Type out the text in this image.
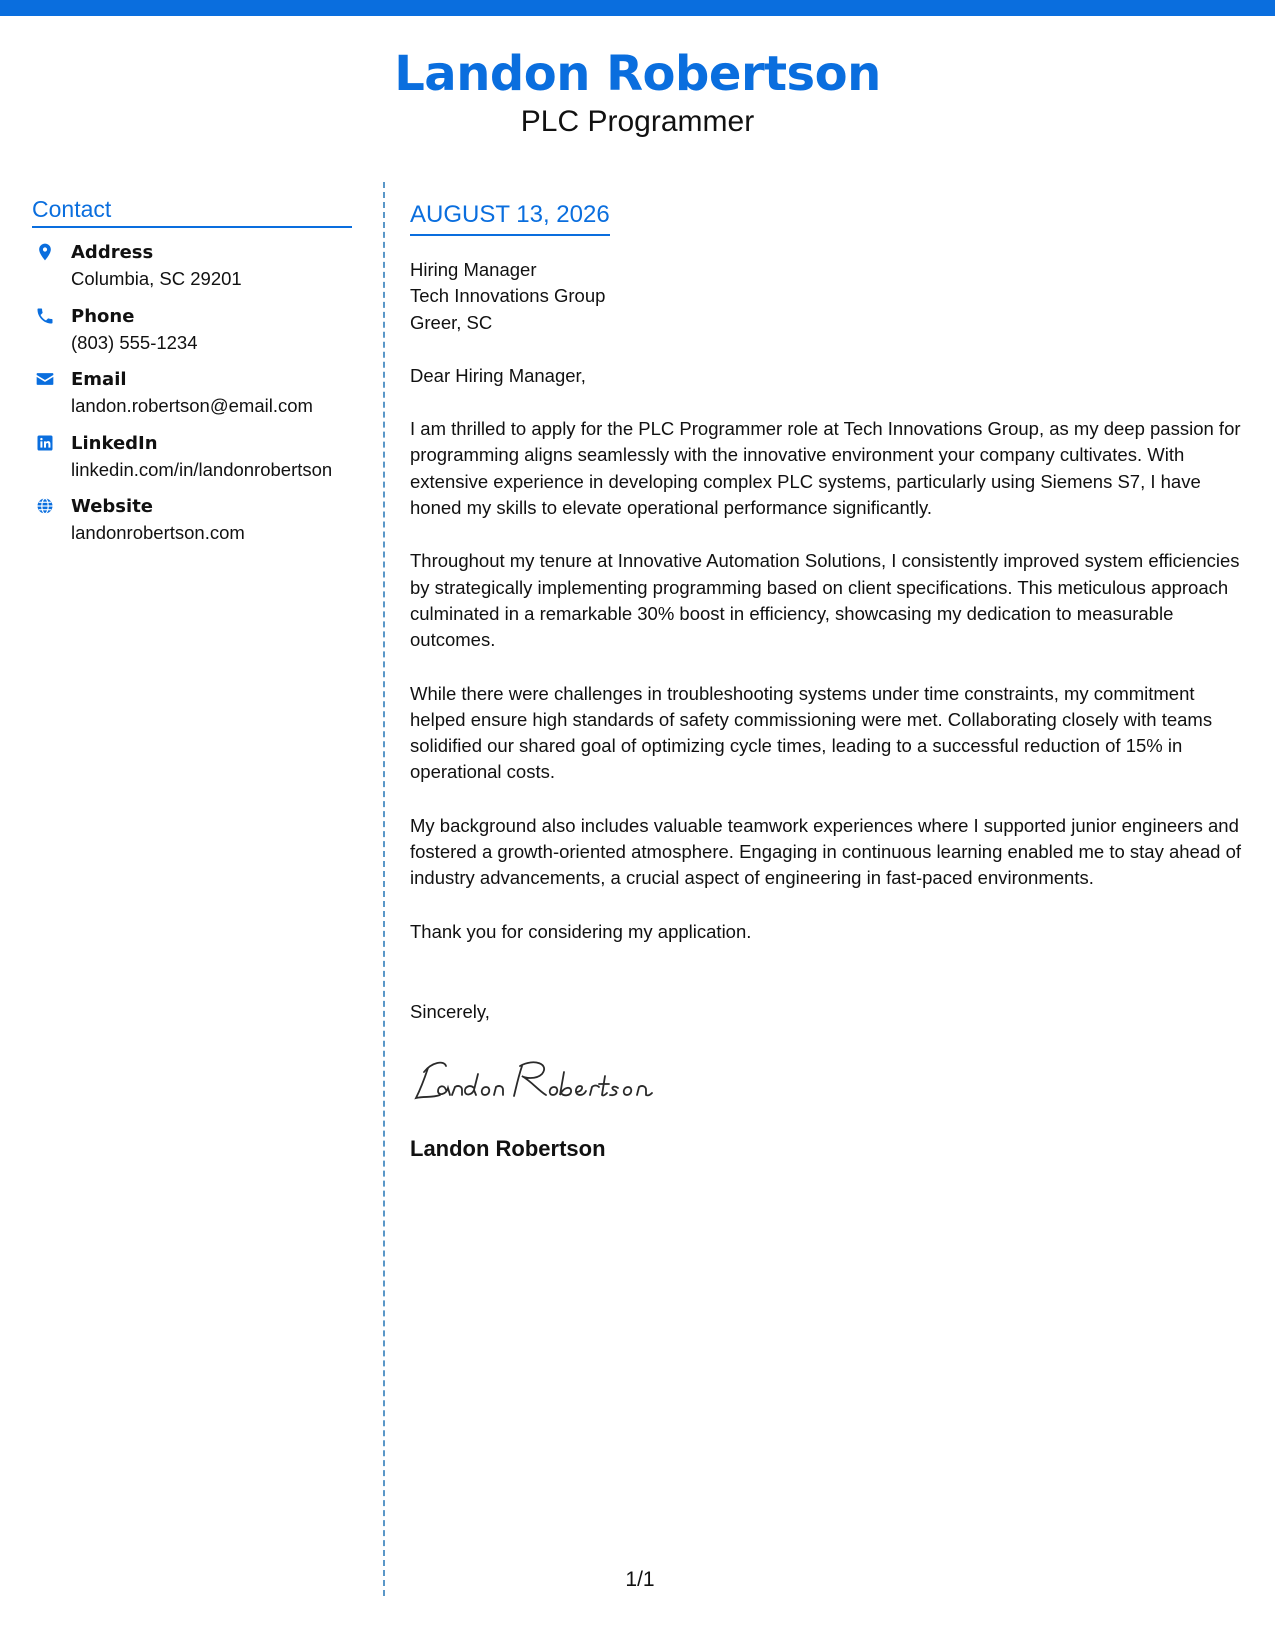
Landon Robertson
PLC Programmer
Contact
Address
Columbia, SC 29201
Phone
(803) 555-1234
Email
landon.robertson@email.com
LinkedIn
linkedin.com/in/landonrobertson
Website
landonrobertson.com
AUGUST 13, 2026
Hiring Manager
Tech Innovations Group
Greer, SC
Dear Hiring Manager,
I am thrilled to apply for the PLC Programmer role at Tech Innovations Group, as my deep passion for programming aligns seamlessly with the innovative environment your company cultivates. With extensive experience in developing complex PLC systems, particularly using Siemens S7, I have honed my skills to elevate operational performance significantly.
Throughout my tenure at Innovative Automation Solutions, I consistently improved system efficiencies by strategically implementing programming based on client specifications. This meticulous approach culminated in a remarkable 30% boost in efficiency, showcasing my dedication to measurable outcomes.
While there were challenges in troubleshooting systems under time constraints, my commitment helped ensure high standards of safety commissioning were met. Collaborating closely with teams solidified our shared goal of optimizing cycle times, leading to a successful reduction of 15% in operational costs.
My background also includes valuable teamwork experiences where I supported junior engineers and fostered a growth-oriented atmosphere. Engaging in continuous learning enabled me to stay ahead of industry advancements, a crucial aspect of engineering in fast-paced environments.
Thank you for considering my application.
Sincerely,
Landon Robertson
1/1
